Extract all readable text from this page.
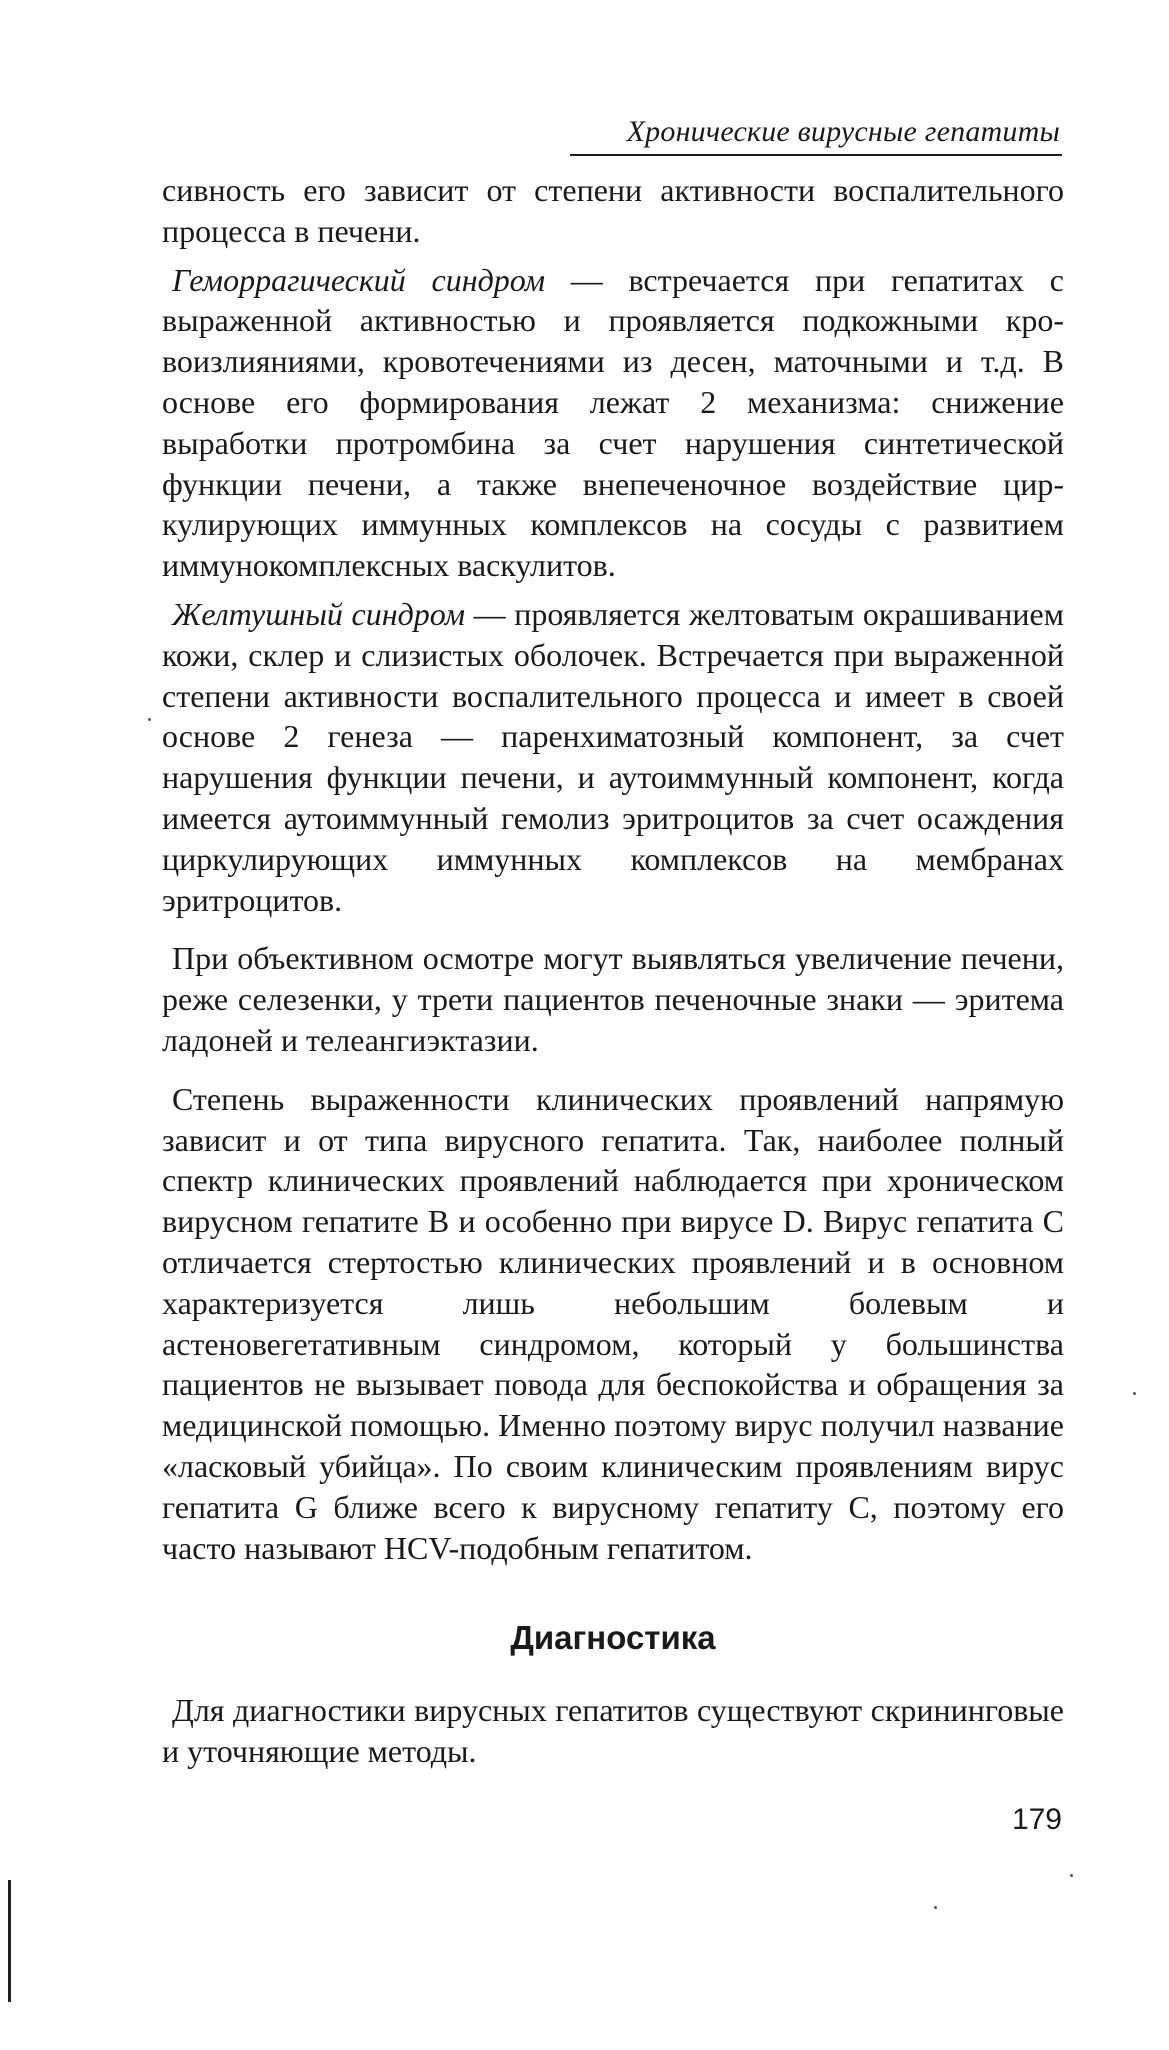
Хронические вирусные гепатиты

сивность его зависит от степени активности воспалительного процесса в печени.

Геморрагический синдром — встречается при гепатитах с выраженной активностью и проявляется подкожными кровоизлияниями, кровотечениями из десен, маточными и т.д. В основе его формирования лежат 2 механизма: снижение выработки протромбина за счет нарушения синтетической функции печени, а также внепеченочное воздействие циркулирующих иммунных комплексов на сосуды с развитием иммунокомплексных васкулитов.

Желтушный синдром — проявляется желтоватым окрашиванием кожи, склер и слизистых оболочек. Встречается при выраженной степени активности воспалительного процесса и имеет в своей основе 2 генеза — паренхиматозный компонент, за счет нарушения функции печени, и аутоиммунный компонент, когда имеется аутоиммунный гемолиз эритроцитов за счет осаждения циркулирующих иммунных комплексов на мембранах эритроцитов.

При объективном осмотре могут выявляться увеличение печени, реже селезенки, у трети пациентов печеночные знаки — эритема ладоней и телеангиэктазии.

Степень выраженности клинических проявлений напрямую зависит и от типа вирусного гепатита. Так, наиболее полный спектр клинических проявлений наблюдается при хроническом вирусном гепатите В и особенно при вирусе D. Вирус гепатита С отличается стертостью клинических проявлений и в основном характеризуется лишь небольшим болевым и астеновегетативным синдромом, который у большинства пациентов не вызывает повода для беспокойства и обращения за медицинской помощью. Именно поэтому вирус получил название «ласковый убийца». По своим клиническим проявлениям вирус гепатита G ближе всего к вирусному гепатиту С, поэтому его часто называют HCV-подобным гепатитом.

Диагностика

Для диагностики вирусных гепатитов существуют скрининговые и уточняющие методы.

179
